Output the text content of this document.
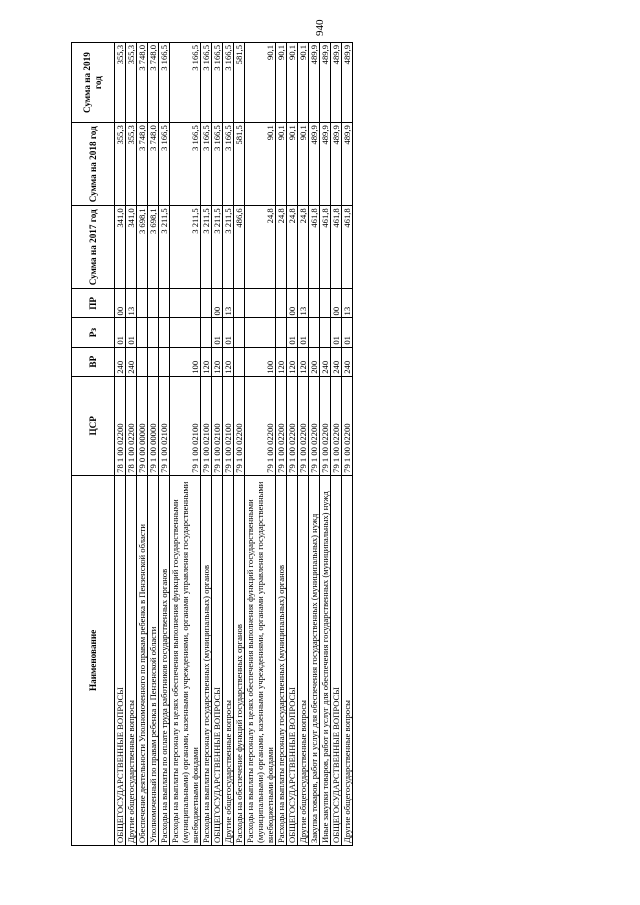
940
Наименование	ЦСР	ВР	Рз	ПР	Сумма на 2017 год	Сумма на 2018 год	Сумма на 2019 год
ОБЩЕГОСУДАРСТВЕННЫЕ ВОПРОСЫ	78 1 00 02200	240	01	00	341,0	355,3	355,3
Другие общегосударственные вопросы	78 1 00 02200	240	01	13	341,0	355,3	355,3
Обеспечение деятельности Уполномоченного по правам ребенка в Пензенской области	79 0 00 00000				3 698,1	3 748,0	3 748,0
Уполномоченный по правам ребенка в Пензенской области	79 1 00 00000				3 698,1	3 748,0	3 748,0
Расходы на выплаты по оплате труда работников государственных органов	79 1 00 02100				3 211,5	3 166,5	3 166,5
Расходы на выплаты персоналу в целях обеспечения выполнения функций государственными (муниципальными) органами, казенными учреждениями, органами управления государственными внебюджетными фондами	79 1 00 02100	100			3 211,5	3 166,5	3 166,5
Расходы на выплаты персоналу государственных (муниципальных) органов	79 1 00 02100	120			3 211,5	3 166,5	3 166,5
ОБЩЕГОСУДАРСТВЕННЫЕ ВОПРОСЫ	79 1 00 02100	120	01	00	3 211,5	3 166,5	3 166,5
Другие общегосударственные вопросы	79 1 00 02100	120	01	13	3 211,5	3 166,5	3 166,5
Расходы на обеспечение функций государственных органов	79 1 00 02200				486,6	581,5	581,5
Расходы на выплаты персоналу в целях обеспечения выполнения функций государственными (муниципальными) органами, казенными учреждениями, органами управления государственными внебюджетными фондами	79 1 00 02200	100			24,8	90,1	90,1
Расходы на выплаты персоналу государственных (муниципальных) органов	79 1 00 02200	120			24,8	90,1	90,1
ОБЩЕГОСУДАРСТВЕННЫЕ ВОПРОСЫ	79 1 00 02200	120	01	00	24,8	90,1	90,1
Другие общегосударственные вопросы	79 1 00 02200	120	01	13	24,8	90,1	90,1
Закупка товаров, работ и услуг для обеспечения государственных (муниципальных) нужд	79 1 00 02200	200			461,8	489,9	489,9
Иные закупки товаров, работ и услуг для обеспечения государственных (муниципальных) нужд	79 1 00 02200	240			461,8	489,9	489,9
ОБЩЕГОСУДАРСТВЕННЫЕ ВОПРОСЫ	79 1 00 02200	240	01	00	461,8	489,9	489,9
Другие общегосударственные вопросы	79 1 00 02200	240	01	13	461,8	489,9	489,9
